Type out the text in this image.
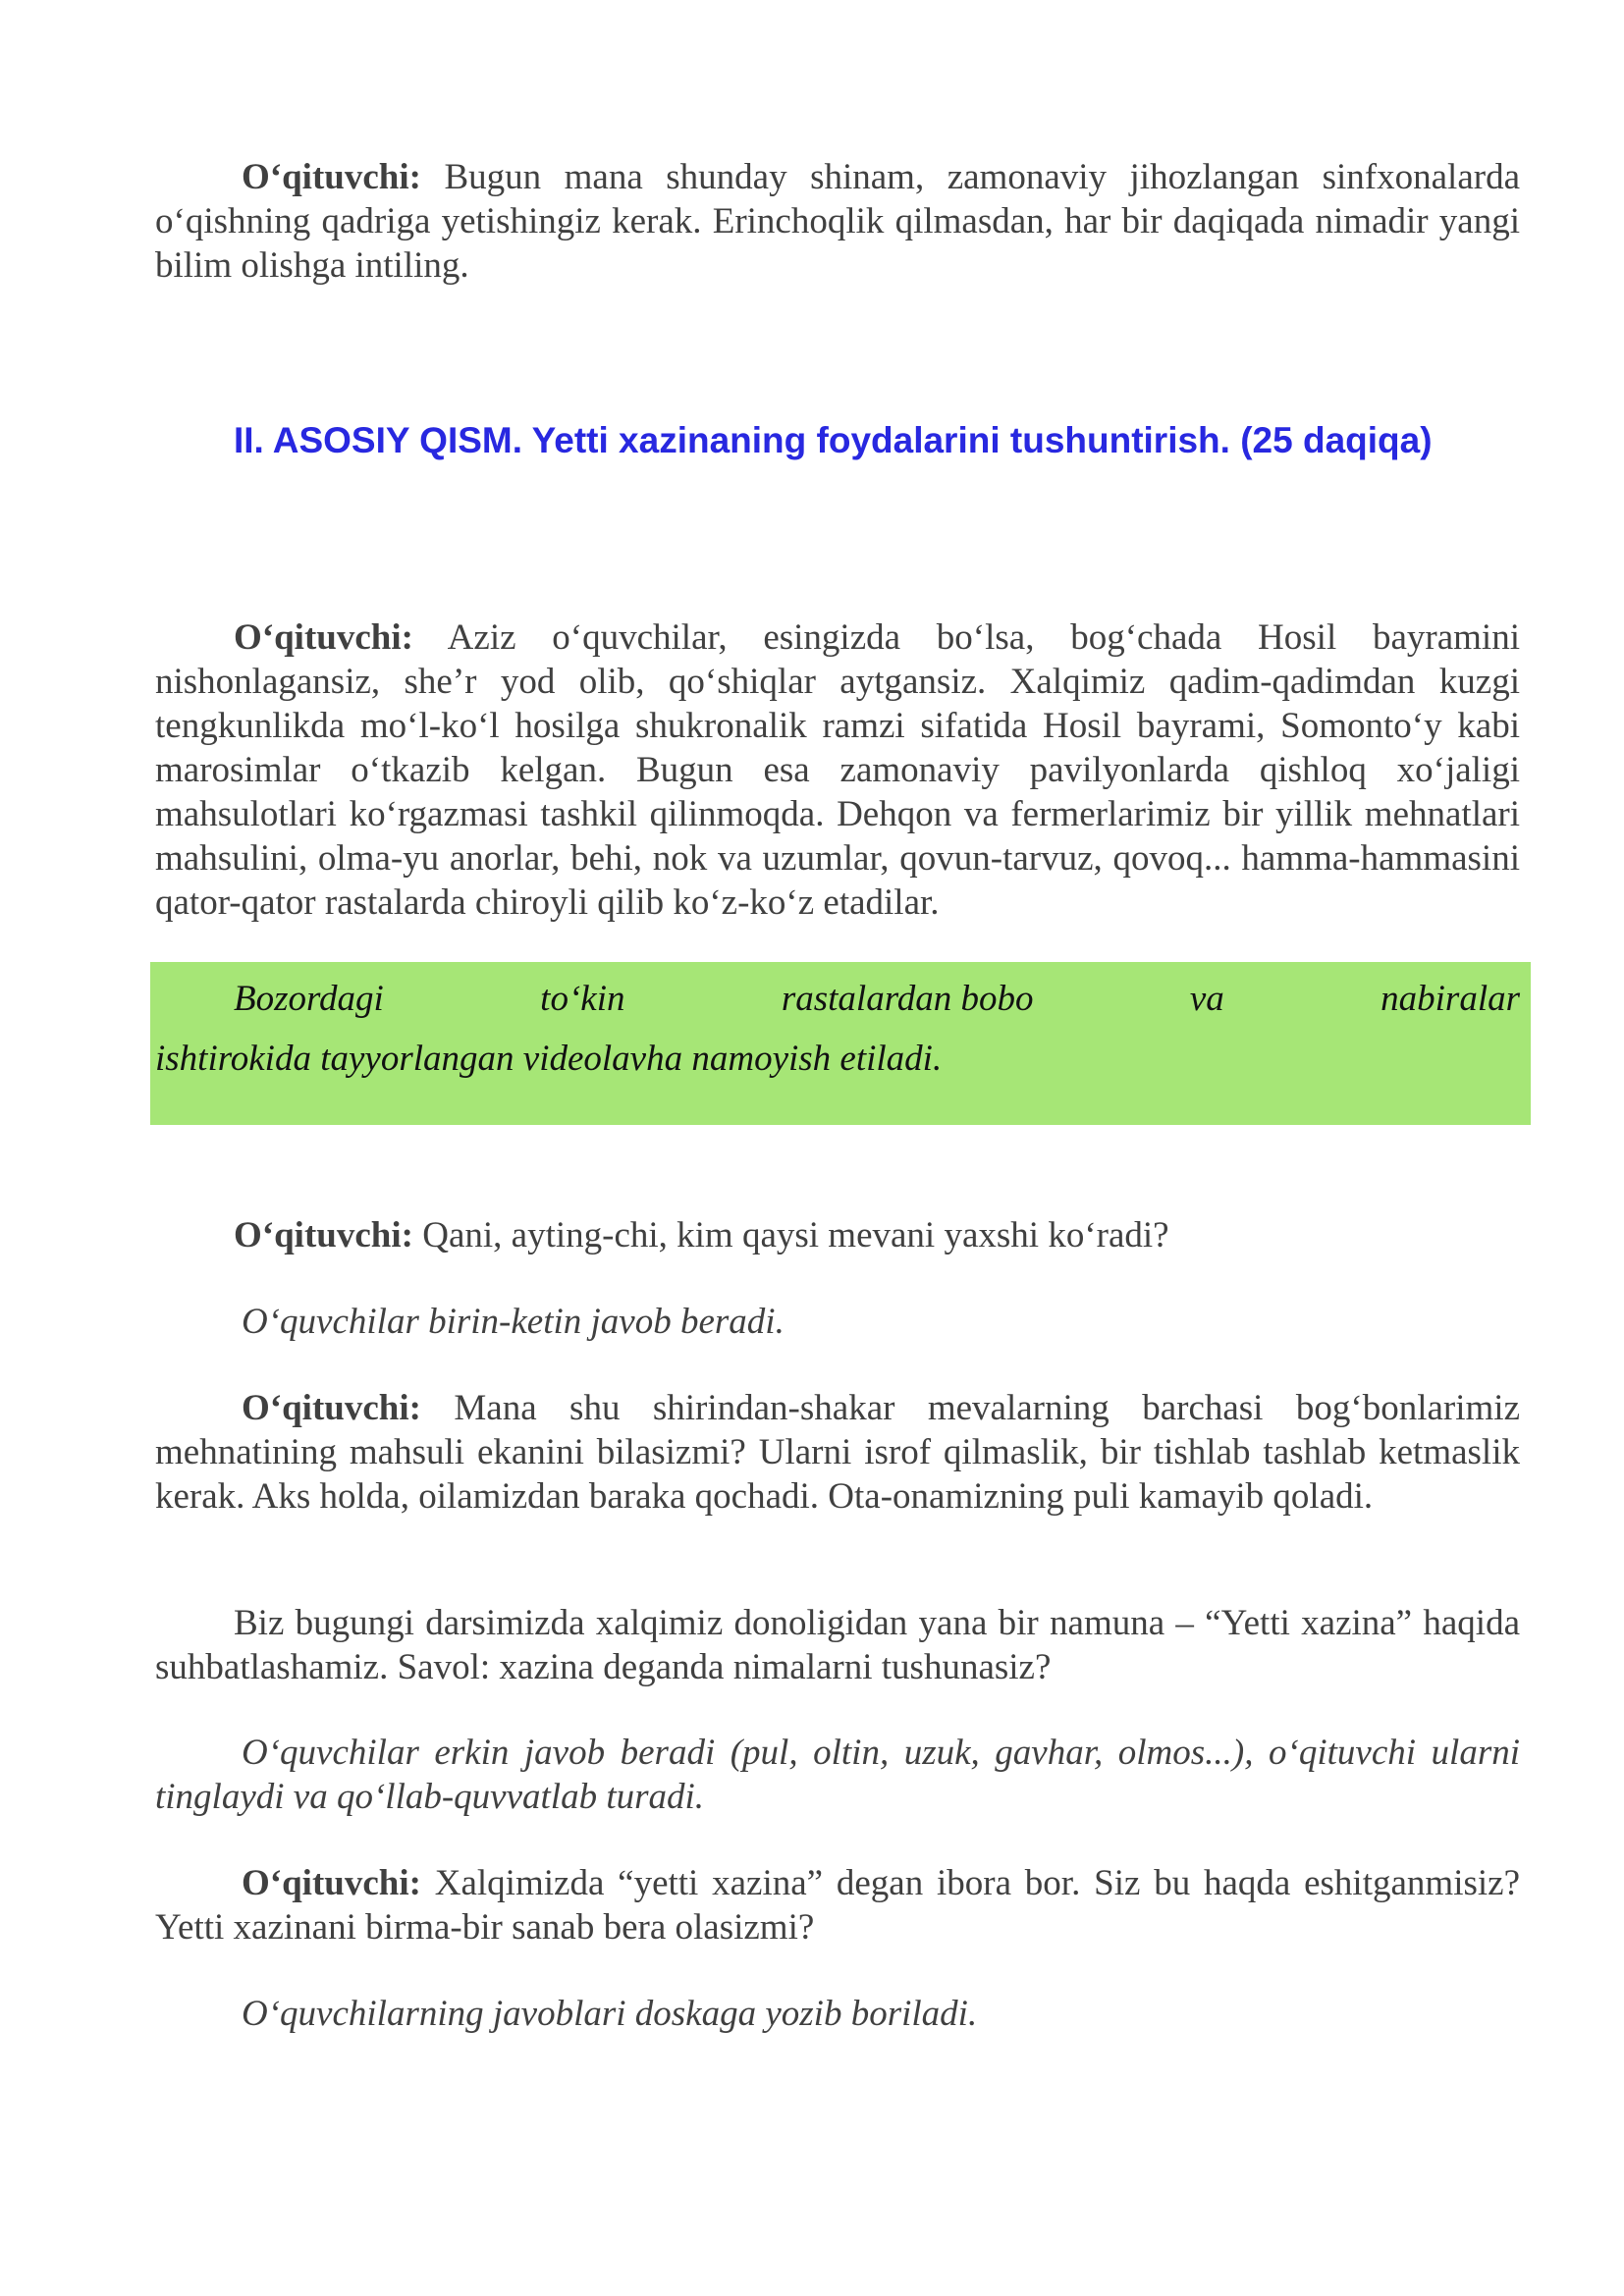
O‘qituvchi: Bugun mana shunday shinam, zamonaviy jihozlangan sinfxonalarda o‘qishning qadriga yetishingiz kerak. Erinchoqlik qilmasdan, har bir daqiqada nimadir yangi bilim olishga intiling.

II. ASOSIY QISM. Yetti xazinaning foydalarini tushuntirish. (25 daqiqa)

O‘qituvchi: Aziz o‘quvchilar, esingizda bo‘lsa, bog‘chada Hosil bayramini nishonlagansiz, she’r yod olib, qo‘shiqlar aytgansiz. Xalqimiz qadim-qadimdan kuzgi tengkunlikda mo‘l-ko‘l hosilga shukronalik ramzi sifatida Hosil bayrami, Somonto‘y kabi marosimlar o‘tkazib kelgan. Bugun esa zamonaviy pavilyonlarda qishloq xo‘jaligi mahsulotlari ko‘rgazmasi tashkil qilinmoqda. Dehqon va fermerlarimiz bir yillik mehnatlari mahsulini, olma-yu anorlar, behi, nok va uzumlar, qovun-tarvuz, qovoq... hamma-hammasini qator-qator rastalarda chiroyli qilib ko‘z-ko‘z etadilar.

Bozordagi	to‘kin	rastalardan bobo	va	nabiralar
ishtirokida tayyorlangan videolavha namoyish etiladi.

O‘qituvchi: Qani, ayting-chi, kim qaysi mevani yaxshi ko‘radi?

O‘quvchilar birin-ketin javob beradi.

O‘qituvchi: Mana shu shirindan-shakar mevalarning barchasi bog‘bonlarimiz mehnatining mahsuli ekanini bilasizmi? Ularni isrof qilmaslik, bir tishlab tashlab ketmaslik kerak. Aks holda, oilamizdan baraka qochadi. Ota-onamizning puli kamayib qoladi.

Biz bugungi darsimizda xalqimiz donoligidan yana bir namuna – “Yetti xazina” haqida suhbatlashamiz. Savol: xazina deganda nimalarni tushunasiz?

O‘quvchilar erkin javob beradi (pul, oltin, uzuk, gavhar, olmos...), o‘qituvchi ularni tinglaydi va qo‘llab-quvvatlab turadi.

O‘qituvchi: Xalqimizda “yetti xazina” degan ibora bor. Siz bu haqda eshitganmisiz? Yetti xazinani birma-bir sanab bera olasizmi?

O‘quvchilarning javoblari doskaga yozib boriladi.
